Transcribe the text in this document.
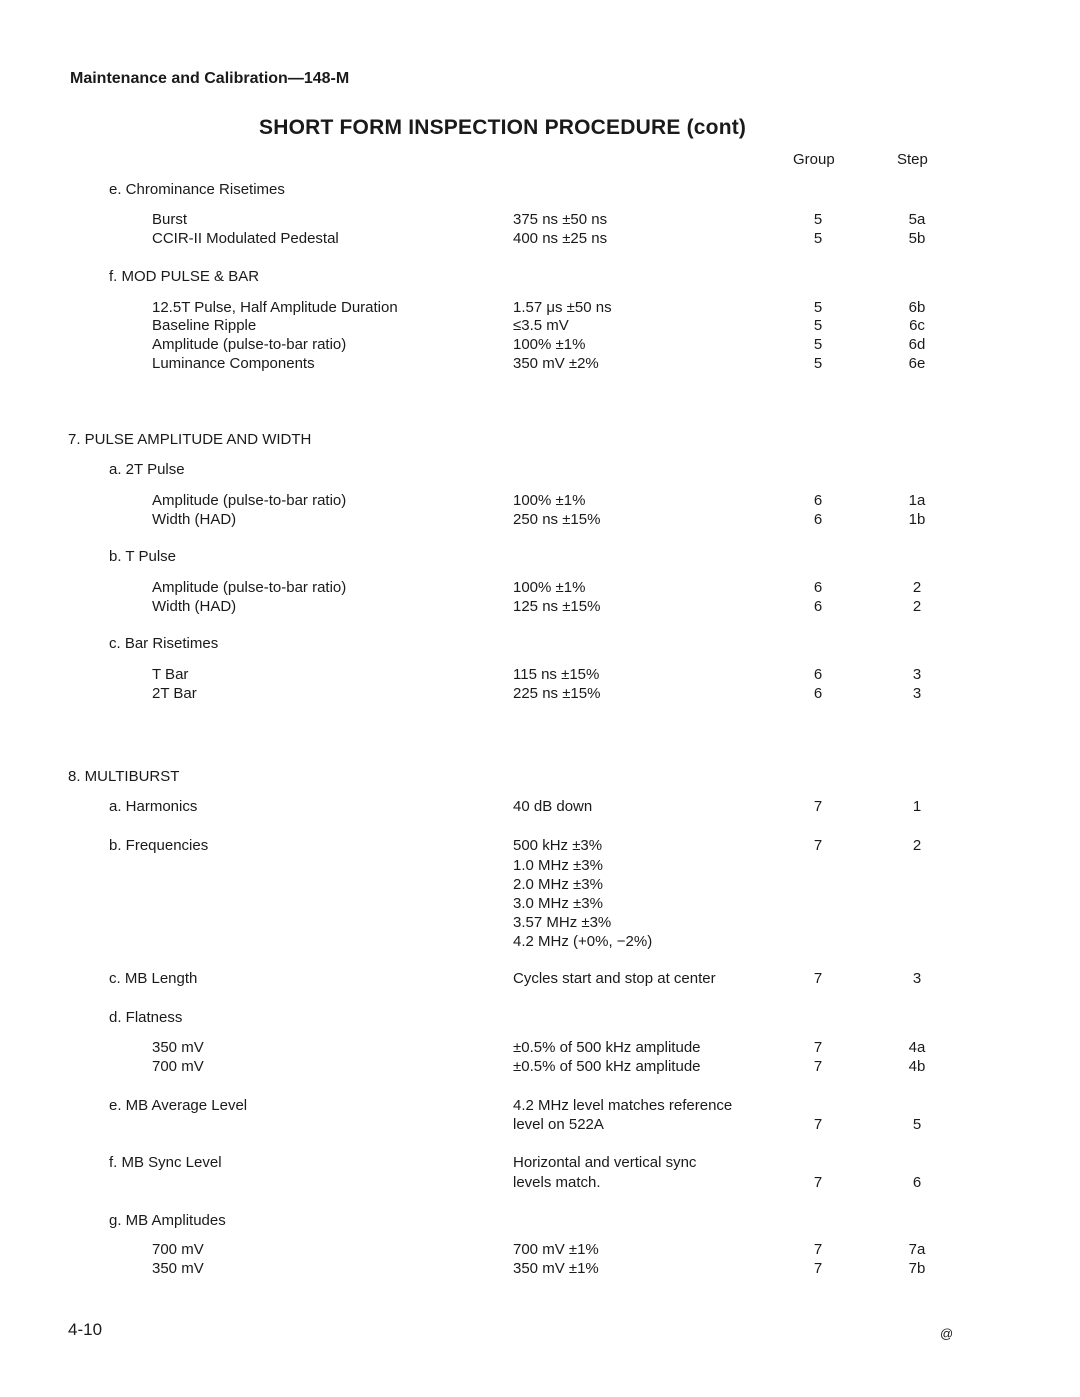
Maintenance and Calibration—148-M
SHORT FORM INSPECTION PROCEDURE (cont)
Group	Step
e. Chrominance Risetimes
Burst	375 ns ±50 ns	5	5a
CCIR-II Modulated Pedestal	400 ns ±25 ns	5	5b
f. MOD PULSE & BAR
12.5T Pulse, Half Amplitude Duration	1.57 μs ±50 ns	5	6b
Baseline Ripple	≤3.5 mV	5	6c
Amplitude (pulse-to-bar ratio)	100% ±1%	5	6d
Luminance Components	350 mV ±2%	5	6e
7. PULSE AMPLITUDE AND WIDTH
a. 2T Pulse
Amplitude (pulse-to-bar ratio)	100% ±1%	6	1a
Width (HAD)	250 ns ±15%	6	1b
b. T Pulse
Amplitude (pulse-to-bar ratio)	100% ±1%	6	2
Width (HAD)	125 ns ±15%	6	2
c. Bar Risetimes
T Bar	115 ns ±15%	6	3
2T Bar	225 ns ±15%	6	3
8. MULTIBURST
a. Harmonics	40 dB down	7	1
b. Frequencies	500 kHz ±3%	7	2
1.0 MHz ±3%
2.0 MHz ±3%
3.0 MHz ±3%
3.57 MHz ±3%
4.2 MHz (+0%, −2%)
c. MB Length	Cycles start and stop at center	7	3
d. Flatness
350 mV	±0.5% of 500 kHz amplitude	7	4a
700 mV	±0.5% of 500 kHz amplitude	7	4b
e. MB Average Level	4.2 MHz level matches reference
level on 522A	7	5
f. MB Sync Level	Horizontal and vertical sync
levels match.	7	6
g. MB Amplitudes
700 mV	700 mV ±1%	7	7a
350 mV	350 mV ±1%	7	7b
4-10	@
